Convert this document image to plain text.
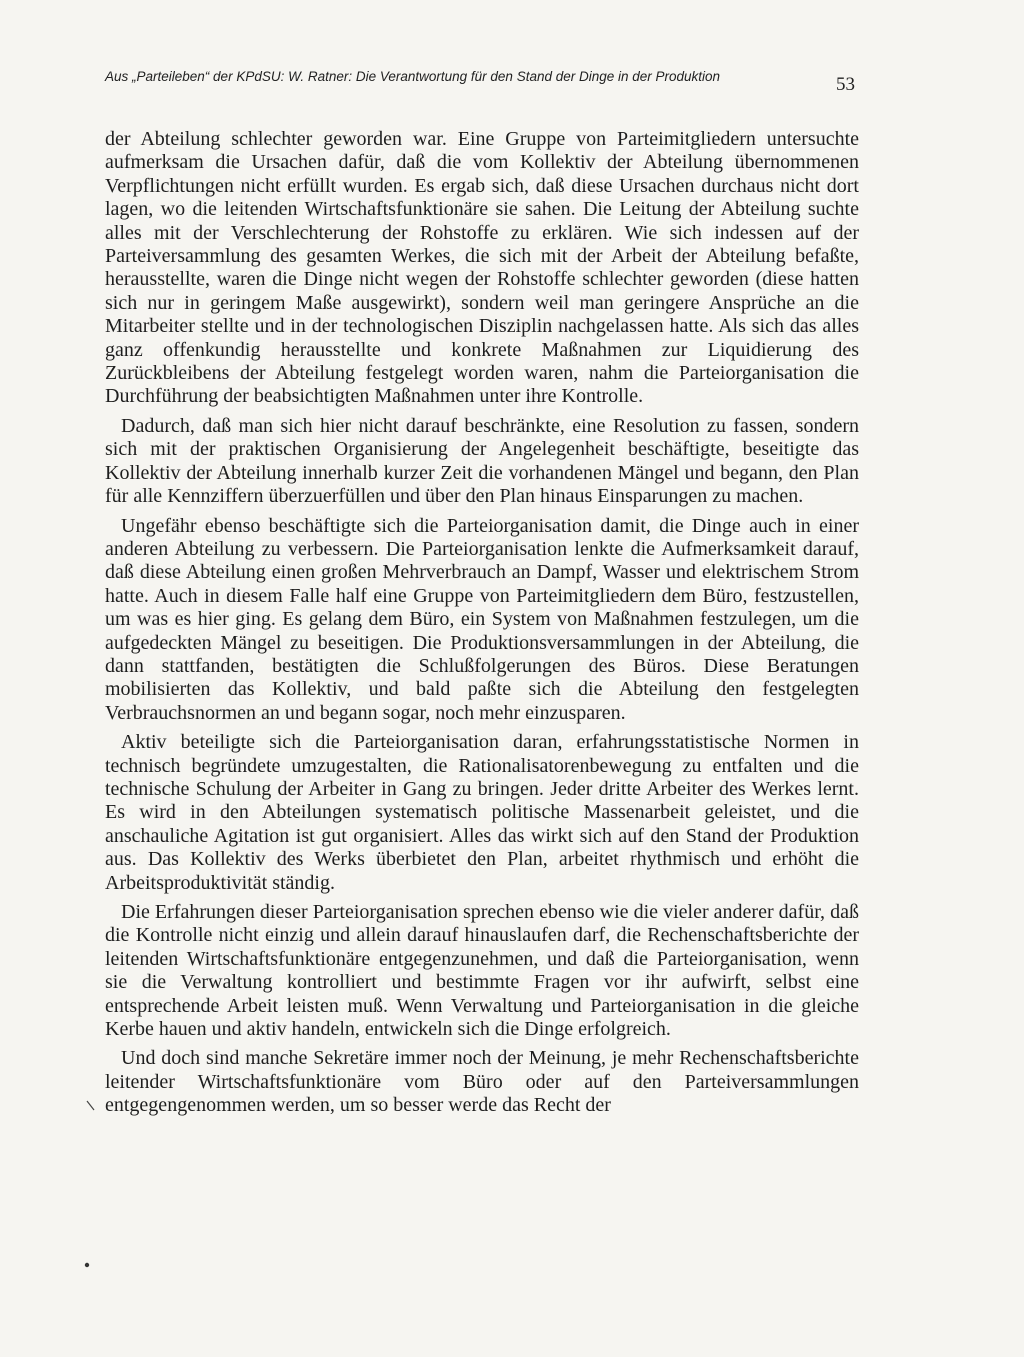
Aus „Parteileben“ der KPdSU: W. Ratner: Die Verantwortung für den Stand der Dinge in der Produktion	53

der Abteilung schlechter geworden war. Eine Gruppe von Parteimitgliedern untersuchte aufmerksam die Ursachen dafür, daß die vom Kollektiv der Abteilung übernommenen Verpflichtungen nicht erfüllt wurden. Es ergab sich, daß diese Ursachen durchaus nicht dort lagen, wo die leitenden Wirtschaftsfunktionäre sie sahen. Die Leitung der Abteilung suchte alles mit der Verschlechterung der Rohstoffe zu erklären. Wie sich indessen auf der Parteiversammlung des gesamten Werkes, die sich mit der Arbeit der Abteilung befaßte, herausstellte, waren die Dinge nicht wegen der Rohstoffe schlechter geworden (diese hatten sich nur in geringem Maße ausgewirkt), sondern weil man geringere Ansprüche an die Mitarbeiter stellte und in der technologischen Disziplin nachgelassen hatte. Als sich das alles ganz offenkundig herausstellte und konkrete Maßnahmen zur Liquidierung des Zurückbleibens der Abteilung festgelegt worden waren, nahm die Parteiorganisation die Durchführung der beabsichtigten Maßnahmen unter ihre Kontrolle.

Dadurch, daß man sich hier nicht darauf beschränkte, eine Resolution zu fassen, sondern sich mit der praktischen Organisierung der Angelegenheit beschäftigte, beseitigte das Kollektiv der Abteilung innerhalb kurzer Zeit die vorhandenen Mängel und begann, den Plan für alle Kennziffern überzuerfüllen und über den Plan hinaus Einsparungen zu machen.

Ungefähr ebenso beschäftigte sich die Parteiorganisation damit, die Dinge auch in einer anderen Abteilung zu verbessern. Die Parteiorganisation lenkte die Aufmerksamkeit darauf, daß diese Abteilung einen großen Mehrverbrauch an Dampf, Wasser und elektrischem Strom hatte. Auch in diesem Falle half eine Gruppe von Parteimitgliedern dem Büro, festzustellen, um was es hier ging. Es gelang dem Büro, ein System von Maßnahmen festzulegen, um die aufgedeckten Mängel zu beseitigen. Die Produktionsversammlungen in der Abteilung, die dann stattfanden, bestätigten die Schlußfolgerungen des Büros. Diese Beratungen mobilisierten das Kollektiv, und bald paßte sich die Abteilung den festgelegten Verbrauchsnormen an und begann sogar, noch mehr einzusparen.

Aktiv beteiligte sich die Parteiorganisation daran, erfahrungsstatistische Normen in technisch begründete umzugestalten, die Rationalisatorenbewegung zu entfalten und die technische Schulung der Arbeiter in Gang zu bringen. Jeder dritte Arbeiter des Werkes lernt. Es wird in den Abteilungen systematisch politische Massenarbeit geleistet, und die anschauliche Agitation ist gut organisiert. Alles das wirkt sich auf den Stand der Produktion aus. Das Kollektiv des Werks überbietet den Plan, arbeitet rhythmisch und erhöht die Arbeitsproduktivität ständig.

Die Erfahrungen dieser Parteiorganisation sprechen ebenso wie die vieler anderer dafür, daß die Kontrolle nicht einzig und allein darauf hinauslaufen darf, die Rechenschaftsberichte der leitenden Wirtschaftsfunktionäre entgegenzunehmen, und daß die Parteiorganisation, wenn sie die Verwaltung kontrolliert und bestimmte Fragen vor ihr aufwirft, selbst eine entsprechende Arbeit leisten muß. Wenn Verwaltung und Parteiorganisation in die gleiche Kerbe hauen und aktiv handeln, entwickeln sich die Dinge erfolgreich.

Und doch sind manche Sekretäre immer noch der Meinung, je mehr Rechenschaftsberichte leitender Wirtschaftsfunktionäre vom Büro oder auf den Parteiversammlungen entgegengenommen werden, um so besser werde das Recht der
